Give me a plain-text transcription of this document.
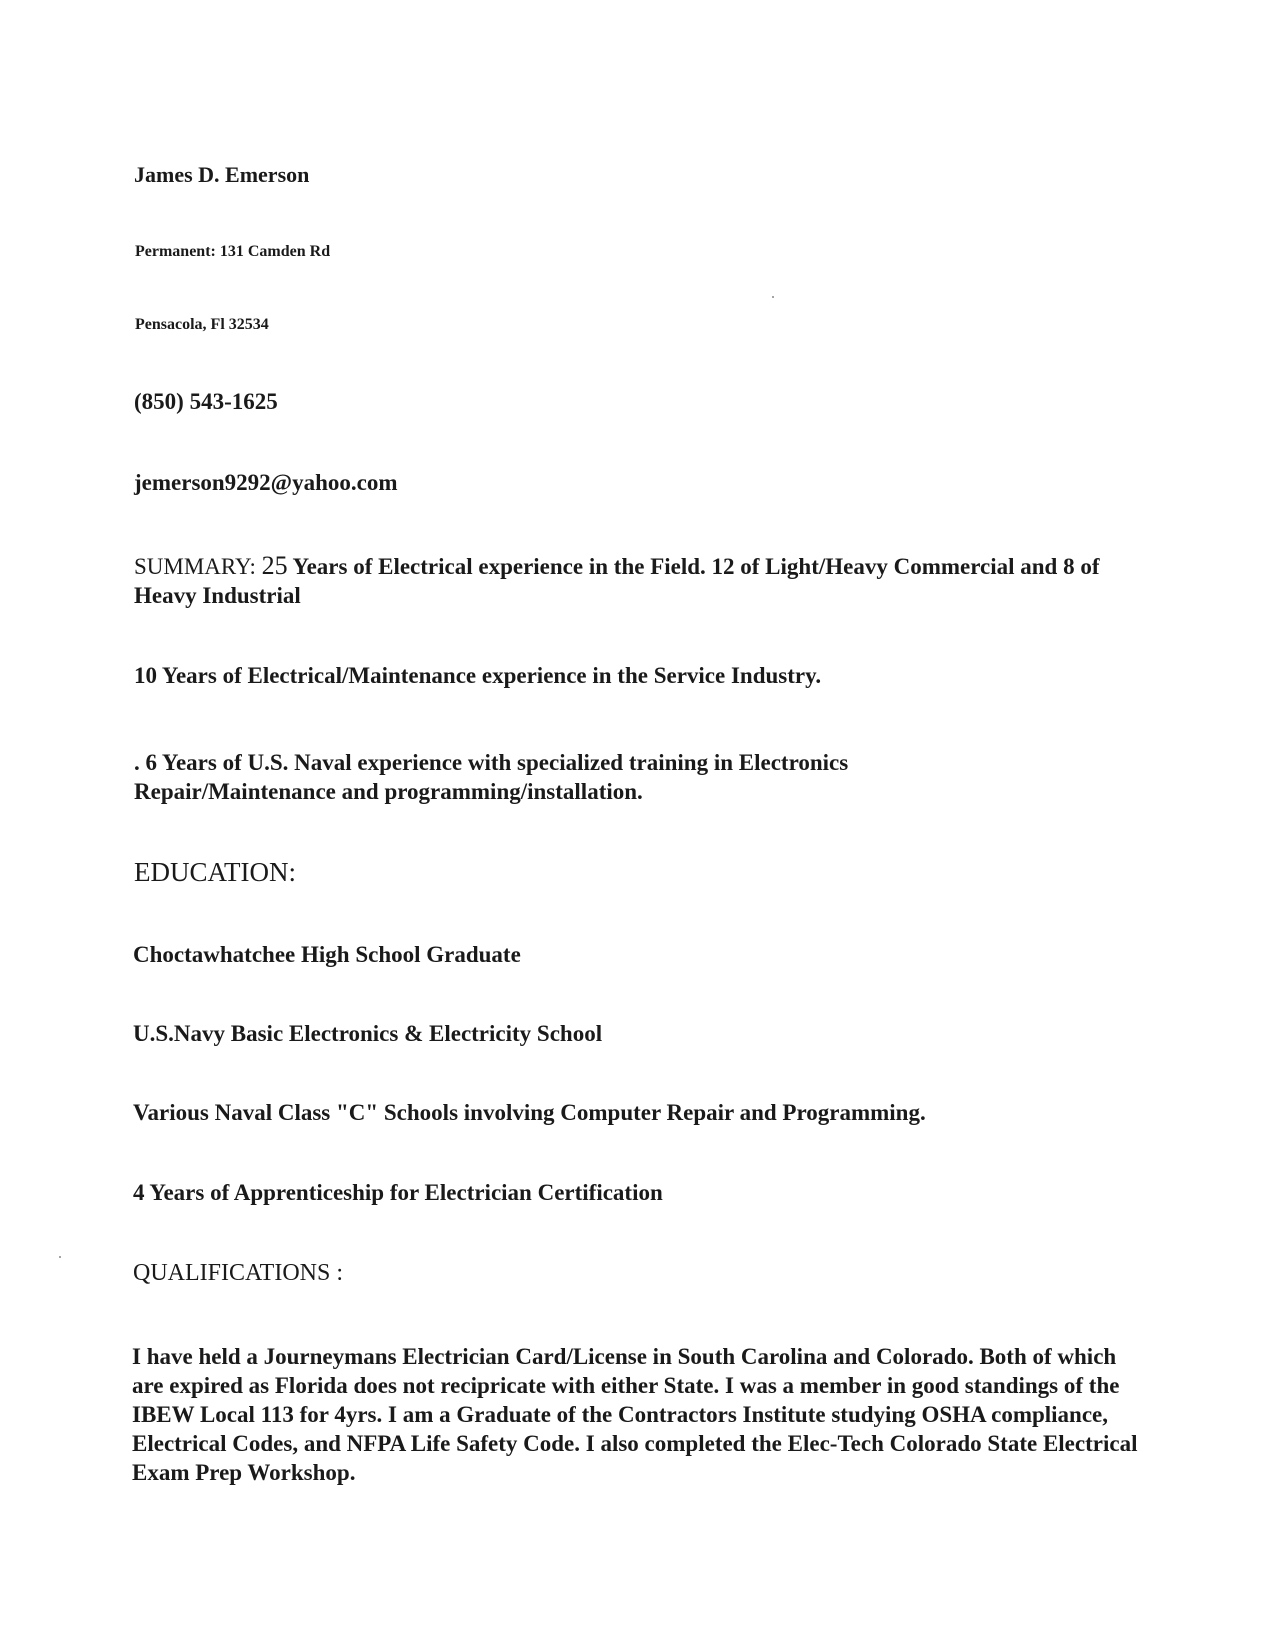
James D. Emerson

Permanent: 131 Camden Rd

Pensacola, Fl 32534

(850) 543-1625

jemerson9292@yahoo.com

SUMMARY: 25 Years of Electrical experience in the Field. 12 of Light/Heavy Commercial and 8 of Heavy Industrial

10 Years of Electrical/Maintenance experience in the Service Industry.

. 6 Years of U.S. Naval experience with specialized training in Electronics Repair/Maintenance and programming/installation.

EDUCATION:

Choctawhatchee High School Graduate

U.S.Navy Basic Electronics & Electricity School

Various Naval Class "C" Schools involving Computer Repair and Programming.

4 Years of Apprenticeship for Electrician Certification

QUALIFICATIONS :

I have held a Journeymans Electrician Card/License in South Carolina and Colorado. Both of which are expired as Florida does not recipricate with either State. I was a member in good standings of the IBEW Local 113 for 4yrs. I am a Graduate of the Contractors Institute studying OSHA compliance, Electrical Codes, and NFPA Life Safety Code. I also completed the Elec-Tech Colorado State Electrical Exam Prep Workshop.
